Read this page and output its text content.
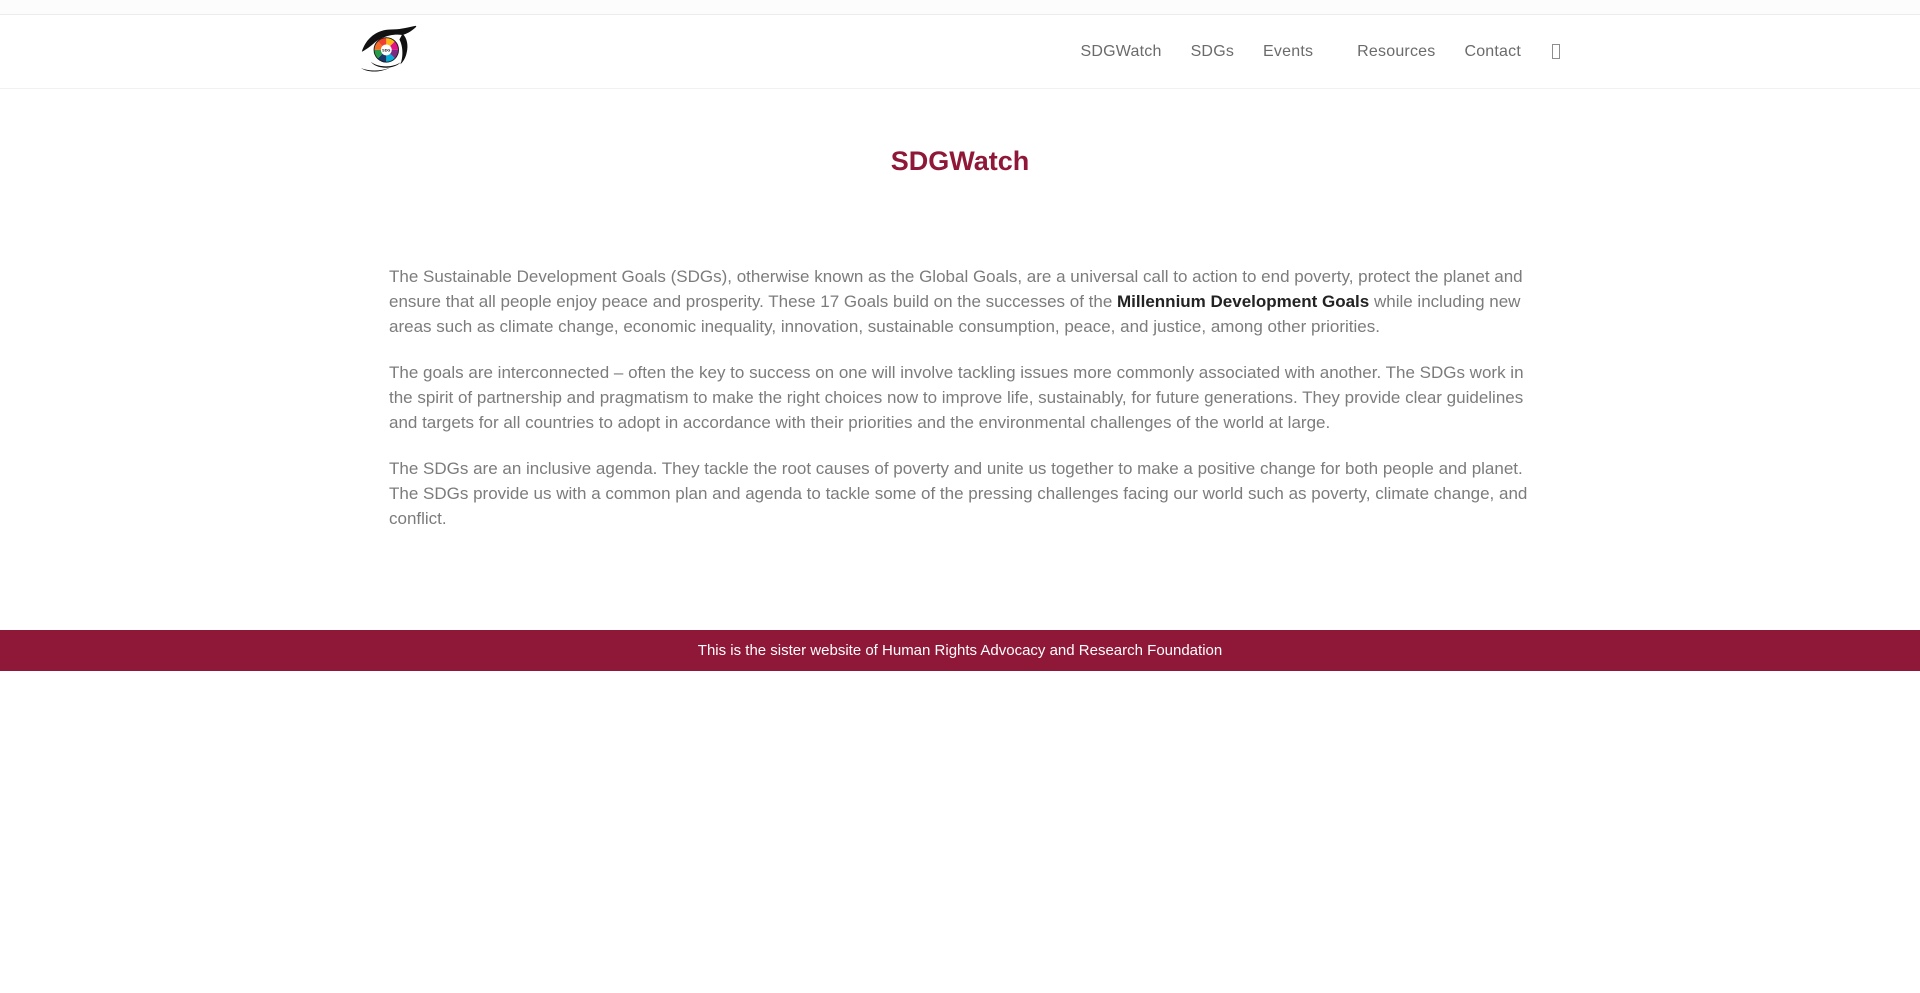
SDG	SDGWatch SDGs Events	Resources Contact
SDGWatch

The Sustainable Development Goals (SDGs), otherwise known as the Global Goals, are a universal call to action to end poverty, protect the planet and ensure that all people enjoy peace and prosperity. These 17 Goals build on the successes of the Millennium Development Goals while including new areas such as climate change, economic inequality, innovation, sustainable consumption, peace, and justice, among other priorities.

The goals are interconnected – often the key to success on one will involve tackling issues more commonly associated with another. The SDGs work in the spirit of partnership and pragmatism to make the right choices now to improve life, sustainably, for future generations. They provide clear guidelines and targets for all countries to adopt in accordance with their priorities and the environmental challenges of the world at large.

The SDGs are an inclusive agenda. They tackle the root causes of poverty and unite us together to make a positive change for both people and planet. The SDGs provide us with a common plan and agenda to tackle some of the pressing challenges facing our world such as poverty, climate change, and conflict.

This is the sister website of Human Rights Advocacy and Research Foundation
